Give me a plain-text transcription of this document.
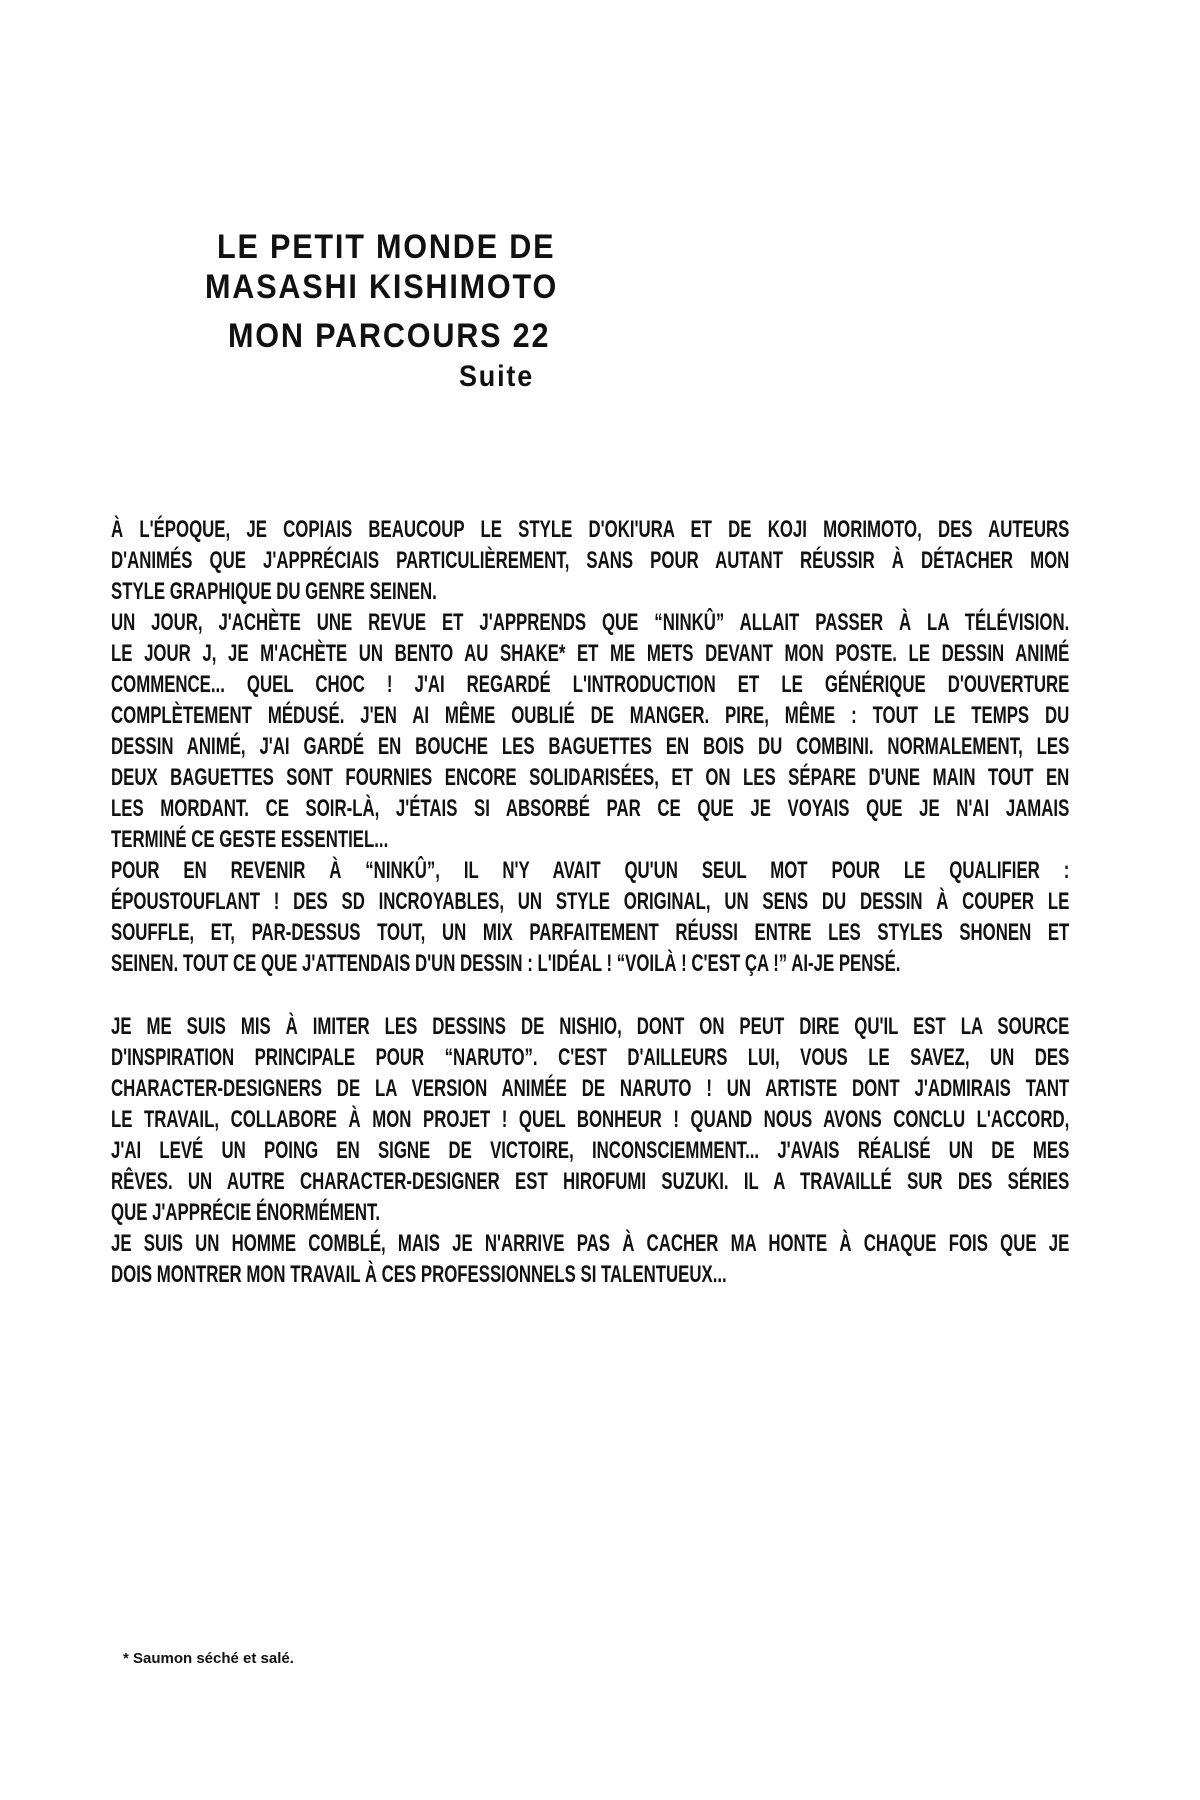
LE PETIT MONDE DE
MASASHI KISHIMOTO
MON PARCOURS 22
Suite
À L'ÉPOQUE, JE COPIAIS BEAUCOUP LE STYLE D'OKI'URA ET DE KOJI MORIMOTO, DES AUTEURS
D'ANIMÉS QUE J'APPRÉCIAIS PARTICULIÈREMENT, SANS POUR AUTANT RÉUSSIR À DÉTACHER MON
STYLE GRAPHIQUE DU GENRE SEINEN.
UN JOUR, J'ACHÈTE UNE REVUE ET J'APPRENDS QUE “NINKÛ” ALLAIT PASSER À LA TÉLÉVISION.
LE JOUR J, JE M'ACHÈTE UN BENTO AU SHAKE* ET ME METS DEVANT MON POSTE. LE DESSIN ANIMÉ
COMMENCE... QUEL CHOC ! J'AI REGARDÉ L'INTRODUCTION ET LE GÉNÉRIQUE D'OUVERTURE
COMPLÈTEMENT MÉDUSÉ. J'EN AI MÊME OUBLIÉ DE MANGER. PIRE, MÊME : TOUT LE TEMPS DU
DESSIN ANIMÉ, J'AI GARDÉ EN BOUCHE LES BAGUETTES EN BOIS DU COMBINI. NORMALEMENT, LES
DEUX BAGUETTES SONT FOURNIES ENCORE SOLIDARISÉES, ET ON LES SÉPARE D'UNE MAIN TOUT EN
LES MORDANT. CE SOIR-LÀ, J'ÉTAIS SI ABSORBÉ PAR CE QUE JE VOYAIS QUE JE N'AI JAMAIS
TERMINÉ CE GESTE ESSENTIEL...
POUR EN REVENIR À “NINKÛ”, IL N'Y AVAIT QU'UN SEUL MOT POUR LE QUALIFIER :
ÉPOUSTOUFLANT ! DES SD INCROYABLES, UN STYLE ORIGINAL, UN SENS DU DESSIN À COUPER LE
SOUFFLE, ET, PAR-DESSUS TOUT, UN MIX PARFAITEMENT RÉUSSI ENTRE LES STYLES SHONEN ET
SEINEN. TOUT CE QUE J'ATTENDAIS D'UN DESSIN : L'IDÉAL ! “VOILÀ ! C'EST ÇA !” AI-JE PENSÉ.
JE ME SUIS MIS À IMITER LES DESSINS DE NISHIO, DONT ON PEUT DIRE QU'IL EST LA SOURCE
D'INSPIRATION PRINCIPALE POUR “NARUTO”. C'EST D'AILLEURS LUI, VOUS LE SAVEZ, UN DES
CHARACTER-DESIGNERS DE LA VERSION ANIMÉE DE NARUTO ! UN ARTISTE DONT J'ADMIRAIS TANT
LE TRAVAIL, COLLABORE À MON PROJET ! QUEL BONHEUR ! QUAND NOUS AVONS CONCLU L'ACCORD,
J'AI LEVÉ UN POING EN SIGNE DE VICTOIRE, INCONSCIEMMENT... J'AVAIS RÉALISÉ UN DE MES
RÊVES. UN AUTRE CHARACTER-DESIGNER EST HIROFUMI SUZUKI. IL A TRAVAILLÉ SUR DES SÉRIES
QUE J'APPRÉCIE ÉNORMÉMENT.
JE SUIS UN HOMME COMBLÉ, MAIS JE N'ARRIVE PAS À CACHER MA HONTE À CHAQUE FOIS QUE JE
DOIS MONTRER MON TRAVAIL À CES PROFESSIONNELS SI TALENTUEUX...
* Saumon séché et salé.
